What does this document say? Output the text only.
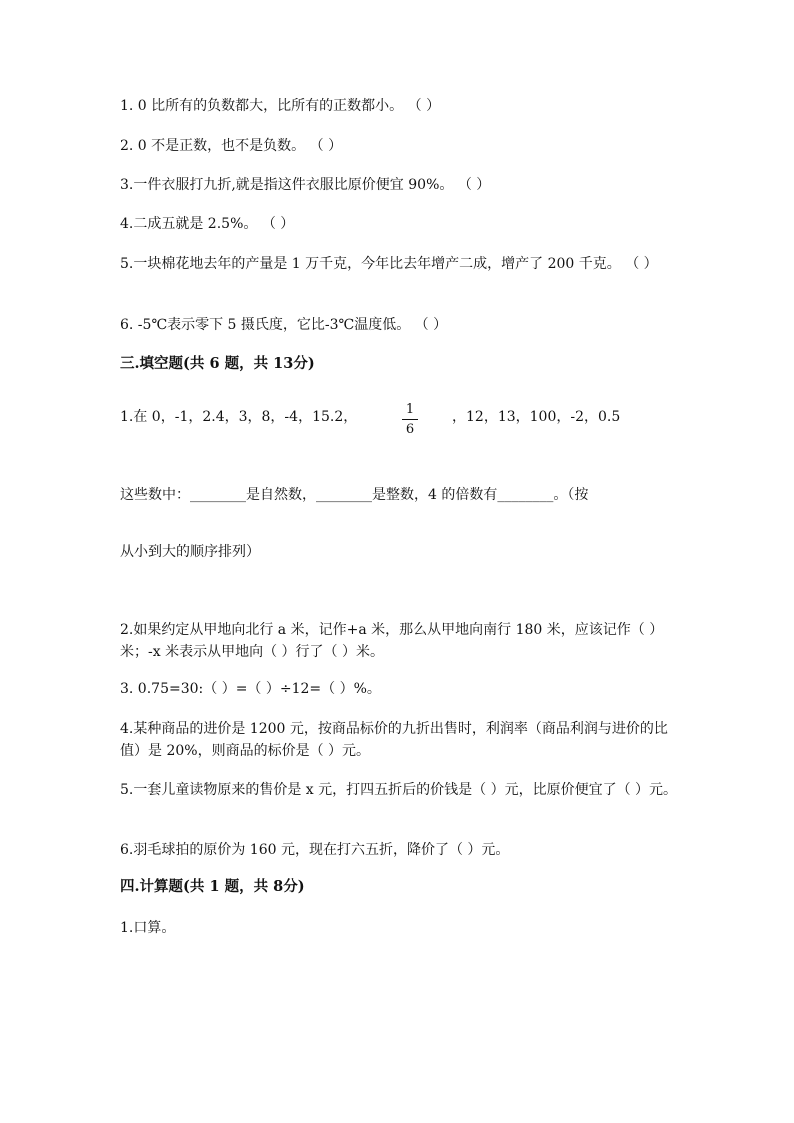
1. 0 比所有的负数都大，比所有的正数都小。 （ ）
2. 0 不是正数，也不是负数。 （ ）
3.一件衣服打九折,就是指这件衣服比原价便宜 90%。 （ ）
4.二成五就是 2.5%。 （ ）
5.一块棉花地去年的产量是 1 万千克，今年比去年增产二成，增产了 200 千克。 （ ）
6. -5℃表示零下 5 摄氏度，它比-3℃温度低。 （ ）
三.填空题(共 6 题，共 13分)
1.在 0，-1，2.4，3，8，-4，15.2，	1
6
，12，13，100，-2，0.5
这些数中：________是自然数，________是整数，4 的倍数有________。（按
从小到大的顺序排列）
2.如果约定从甲地向北行 a 米，记作+a 米，那么从甲地向南行 180 米，应该记作（ ）米；-x 米表示从甲地向（ ）行了（ ）米。
3. 0.75=30:（ ）=（ ）÷12=（ ）%。
4.某种商品的进价是 1200 元，按商品标价的九折出售时，利润率（商品利润与进价的比值）是 20%，则商品的标价是（ ）元。
5.一套儿童读物原来的售价是 x 元，打四五折后的价钱是（ ）元，比原价便宜了（ ）元。
6.羽毛球拍的原价为 160 元，现在打六五折，降价了（ ）元。
四.计算题(共 1 题，共 8分)
1.口算。
